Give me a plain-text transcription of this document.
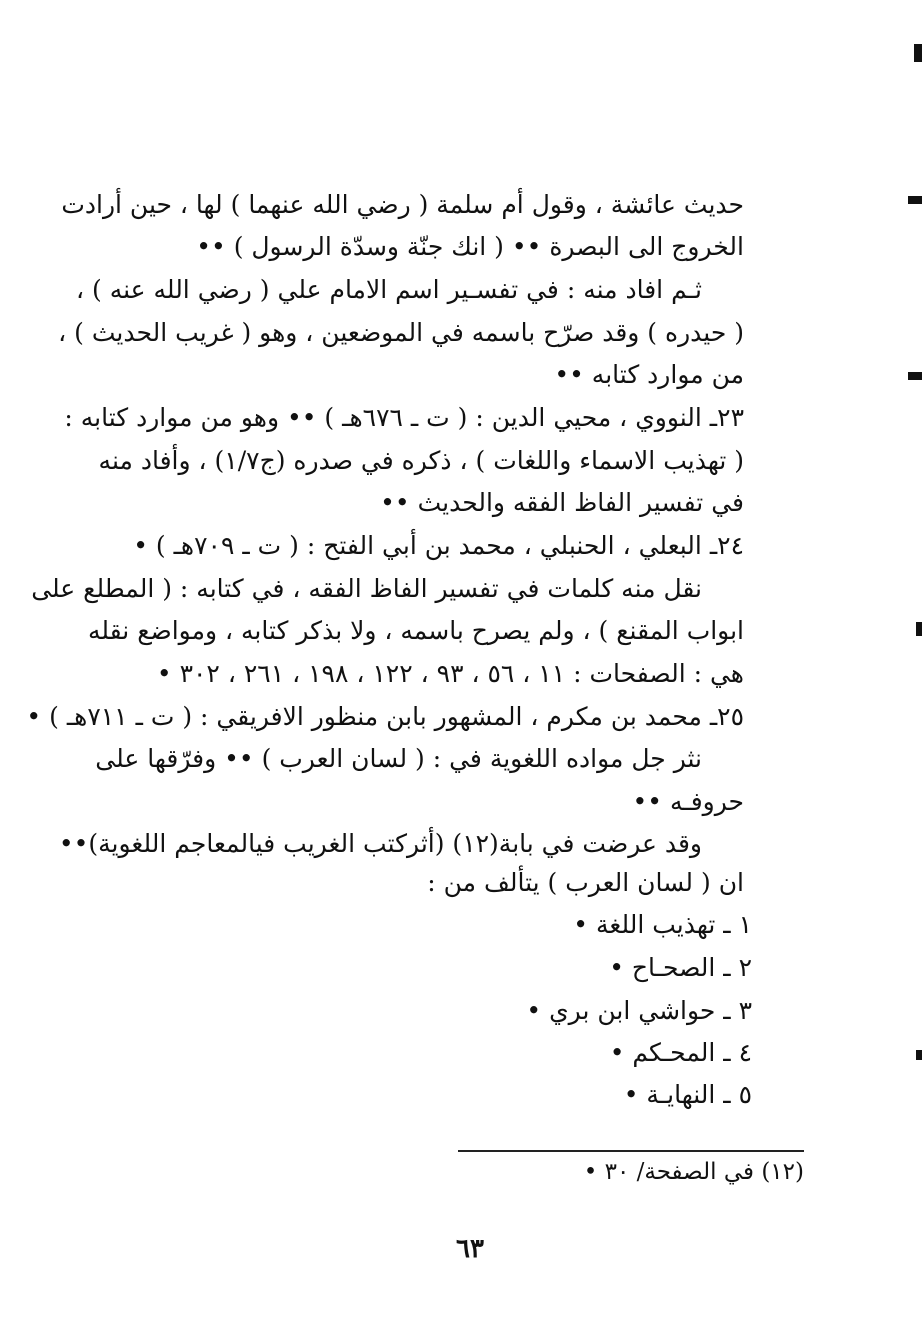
حديث عائشة ، وقول أم سلمة ( رضي الله عنهما ) لها ، حين أرادت
الخروج الى البصرة •• ( انك جنّة وسدّة الرسول ) ••
ثـم افاد منه : في تفسـير اسم الامام علي ( رضي الله عنه ) ،
( حيدره ) وقد صرّح باسمه في الموضعين ، وهو ( غريب الحديث ) ،
من موارد كتابه ••
٢٣ـ النووي ، محيي الدين : ( ت ـ ٦٧٦هـ ) •• وهو من موارد كتابه :
( تهذيب الاسماء واللغات ) ، ذكره في صدره (ج١/٧) ، وأفاد منه
في تفسير الفاظ الفقه والحديث ••
٢٤ـ البعلي ، الحنبلي ، محمد بن أبي الفتح : ( ت ـ ٧٠٩هـ ) •
نقل منه كلمات في تفسير الفاظ الفقه ، في كتابه : ( المطلع على
ابواب المقنع ) ، ولم يصرح باسمه ، ولا بذكر كتابه ، ومواضع نقله
هي : الصفحات : ١١ ، ٥٦ ، ٩٣ ، ١٢٢ ، ١٩٨ ، ٢٦١ ، ٣٠٢ •
٢٥ـ محمد بن مكرم ، المشهور بابن منظور الافريقي : ( ت ـ ٧١١هـ ) •
نثر جل مواده اللغوية في : ( لسان العرب ) •• وفرّقها على
حروفـه ••
وقد عرضت في بابة(١٢) (أثركتب الغريب فيالمعاجم اللغوية)••
ان ( لسان العرب ) يتألف من :
١ ـ تهذيب اللغة •
٢ ـ الصحـاح •
٣ ـ حواشي ابن بري •
٤ ـ المحـكم •
٥ ـ النهايـة •
(١٢) في الصفحة/ ٣٠ •
٦٣
